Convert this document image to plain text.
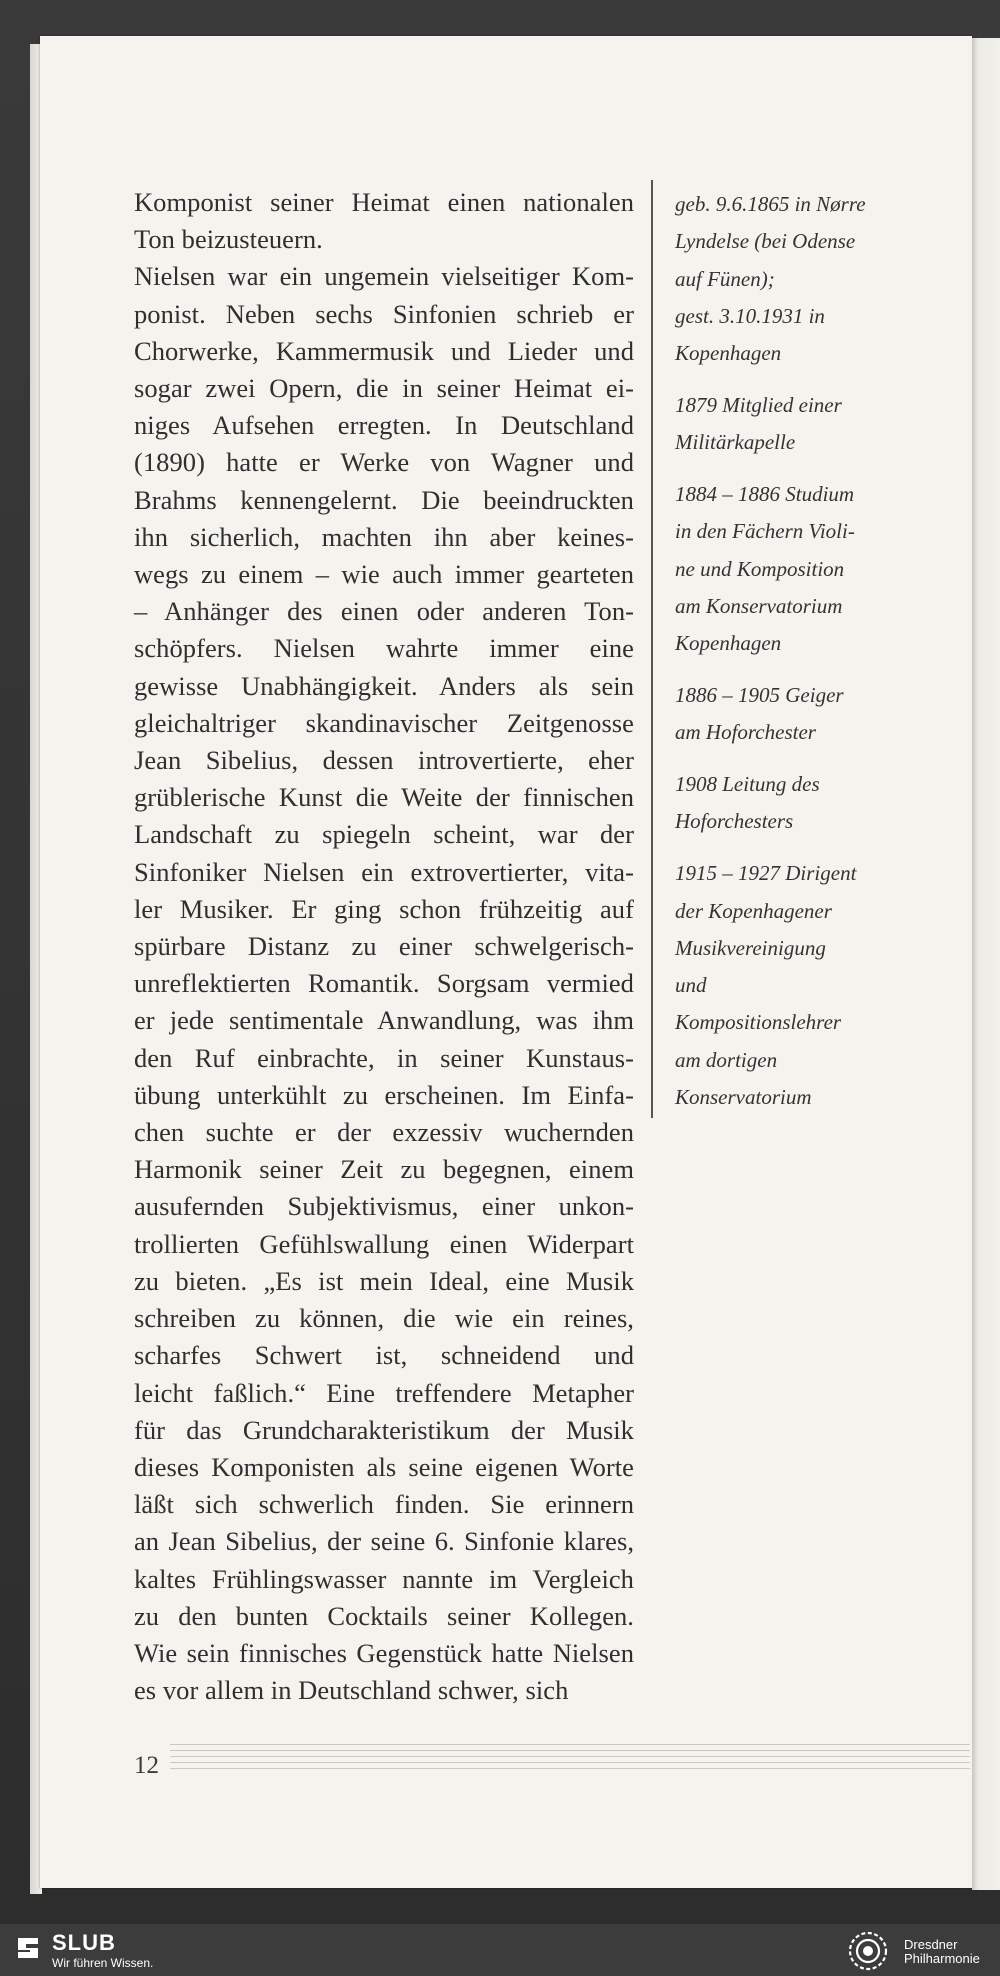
Komponist seiner Heimat einen nationalen
Ton beizusteuern.
Nielsen war ein ungemein vielseitiger Kom-
ponist. Neben sechs Sinfonien schrieb er
Chorwerke, Kammermusik und Lieder und
sogar zwei Opern, die in seiner Heimat ei-
niges Aufsehen erregten. In Deutschland
(1890) hatte er Werke von Wagner und
Brahms kennengelernt. Die beeindruckten
ihn sicherlich, machten ihn aber keines-
wegs zu einem – wie auch immer gearteten
– Anhänger des einen oder anderen Ton-
schöpfers. Nielsen wahrte immer eine
gewisse Unabhängigkeit. Anders als sein
gleichaltriger skandinavischer Zeitgenosse
Jean Sibelius, dessen introvertierte, eher
grüblerische Kunst die Weite der finnischen
Landschaft zu spiegeln scheint, war der
Sinfoniker Nielsen ein extrovertierter, vita-
ler Musiker. Er ging schon frühzeitig auf
spürbare Distanz zu einer schwelgerisch-
unreflektierten Romantik. Sorgsam vermied
er jede sentimentale Anwandlung, was ihm
den Ruf einbrachte, in seiner Kunstaus-
übung unterkühlt zu erscheinen. Im Einfa-
chen suchte er der exzessiv wuchernden
Harmonik seiner Zeit zu begegnen, einem
ausufernden Subjektivismus, einer unkon-
trollierten Gefühlswallung einen Widerpart
zu bieten. „Es ist mein Ideal, eine Musik
schreiben zu können, die wie ein reines,
scharfes Schwert ist, schneidend und
leicht faßlich.“ Eine treffendere Metapher
für das Grundcharakteristikum der Musik
dieses Komponisten als seine eigenen Worte
läßt sich schwerlich finden. Sie erinnern
an Jean Sibelius, der seine 6. Sinfonie klares,
kaltes Frühlingswasser nannte im Vergleich
zu den bunten Cocktails seiner Kollegen.
Wie sein finnisches Gegenstück hatte Nielsen
es vor allem in Deutschland schwer, sich
geb. 9.6.1865 in Nørre
Lyndelse (bei Odense
auf Fünen);
gest. 3.10.1931 in
Kopenhagen
1879 Mitglied einer
Militärkapelle
1884 – 1886 Studium
in den Fächern Violi-
ne und Komposition
am Konservatorium
Kopenhagen
1886 – 1905 Geiger
am Hoforchester
1908 Leitung des
Hoforchesters
1915 – 1927 Dirigent
der Kopenhagener
Musikvereinigung
und
Kompositionslehrer
am dortigen
Konservatorium
12
SLUB
Wir führen Wissen.
Dresdner
Philharmonie
